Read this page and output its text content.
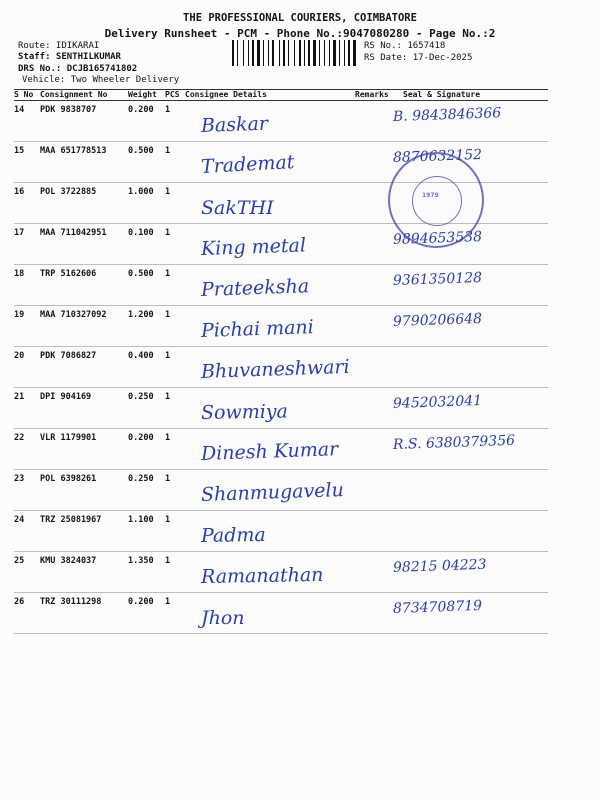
THE PROFESSIONAL COURIERS, COIMBATORE
Delivery Runsheet - PCM - Phone No.:9047080280 - Page No.:2
Route: IDIKARAI
Staff: SENTHILKUMAR
DRS No.: DCJB165741802
Vehicle: Two Wheeler Delivery
RS No.: 1657418
RS Date: 17-Dec-2025
S No	Consignment No	Weight	PCS	Consignee Details	Remarks	Seal & Signature
14	PDK 9838707	0.200	1	Baskar		B. 9843846366

15	MAA 651778513	0.500	1	Trademat		8870632152

16	POL 3722885	1.000	1	SakTHI		

17	MAA 711042951	0.100	1	King metal		9894653538

18	TRP 5162606	0.500	1	Prateeksha		9361350128

19	MAA 710327092	1.200	1	Pichai mani		9790206648

20	PDK 7086827	0.400	1	Bhuvaneshwari		

21	DPI 904169	0.250	1	Sowmiya		9452032041

22	VLR 1179901	0.200	1	Dinesh Kumar		R.S. 6380379356

23	POL 6398261	0.250	1	Shanmugavelu		

24	TRZ 25081967	1.100	1	Padma		

25	KMU 3824037	1.350	1	Ramanathan		98215 04223

26	TRZ 30111298	0.200	1	Jhon		8734708719
1979
